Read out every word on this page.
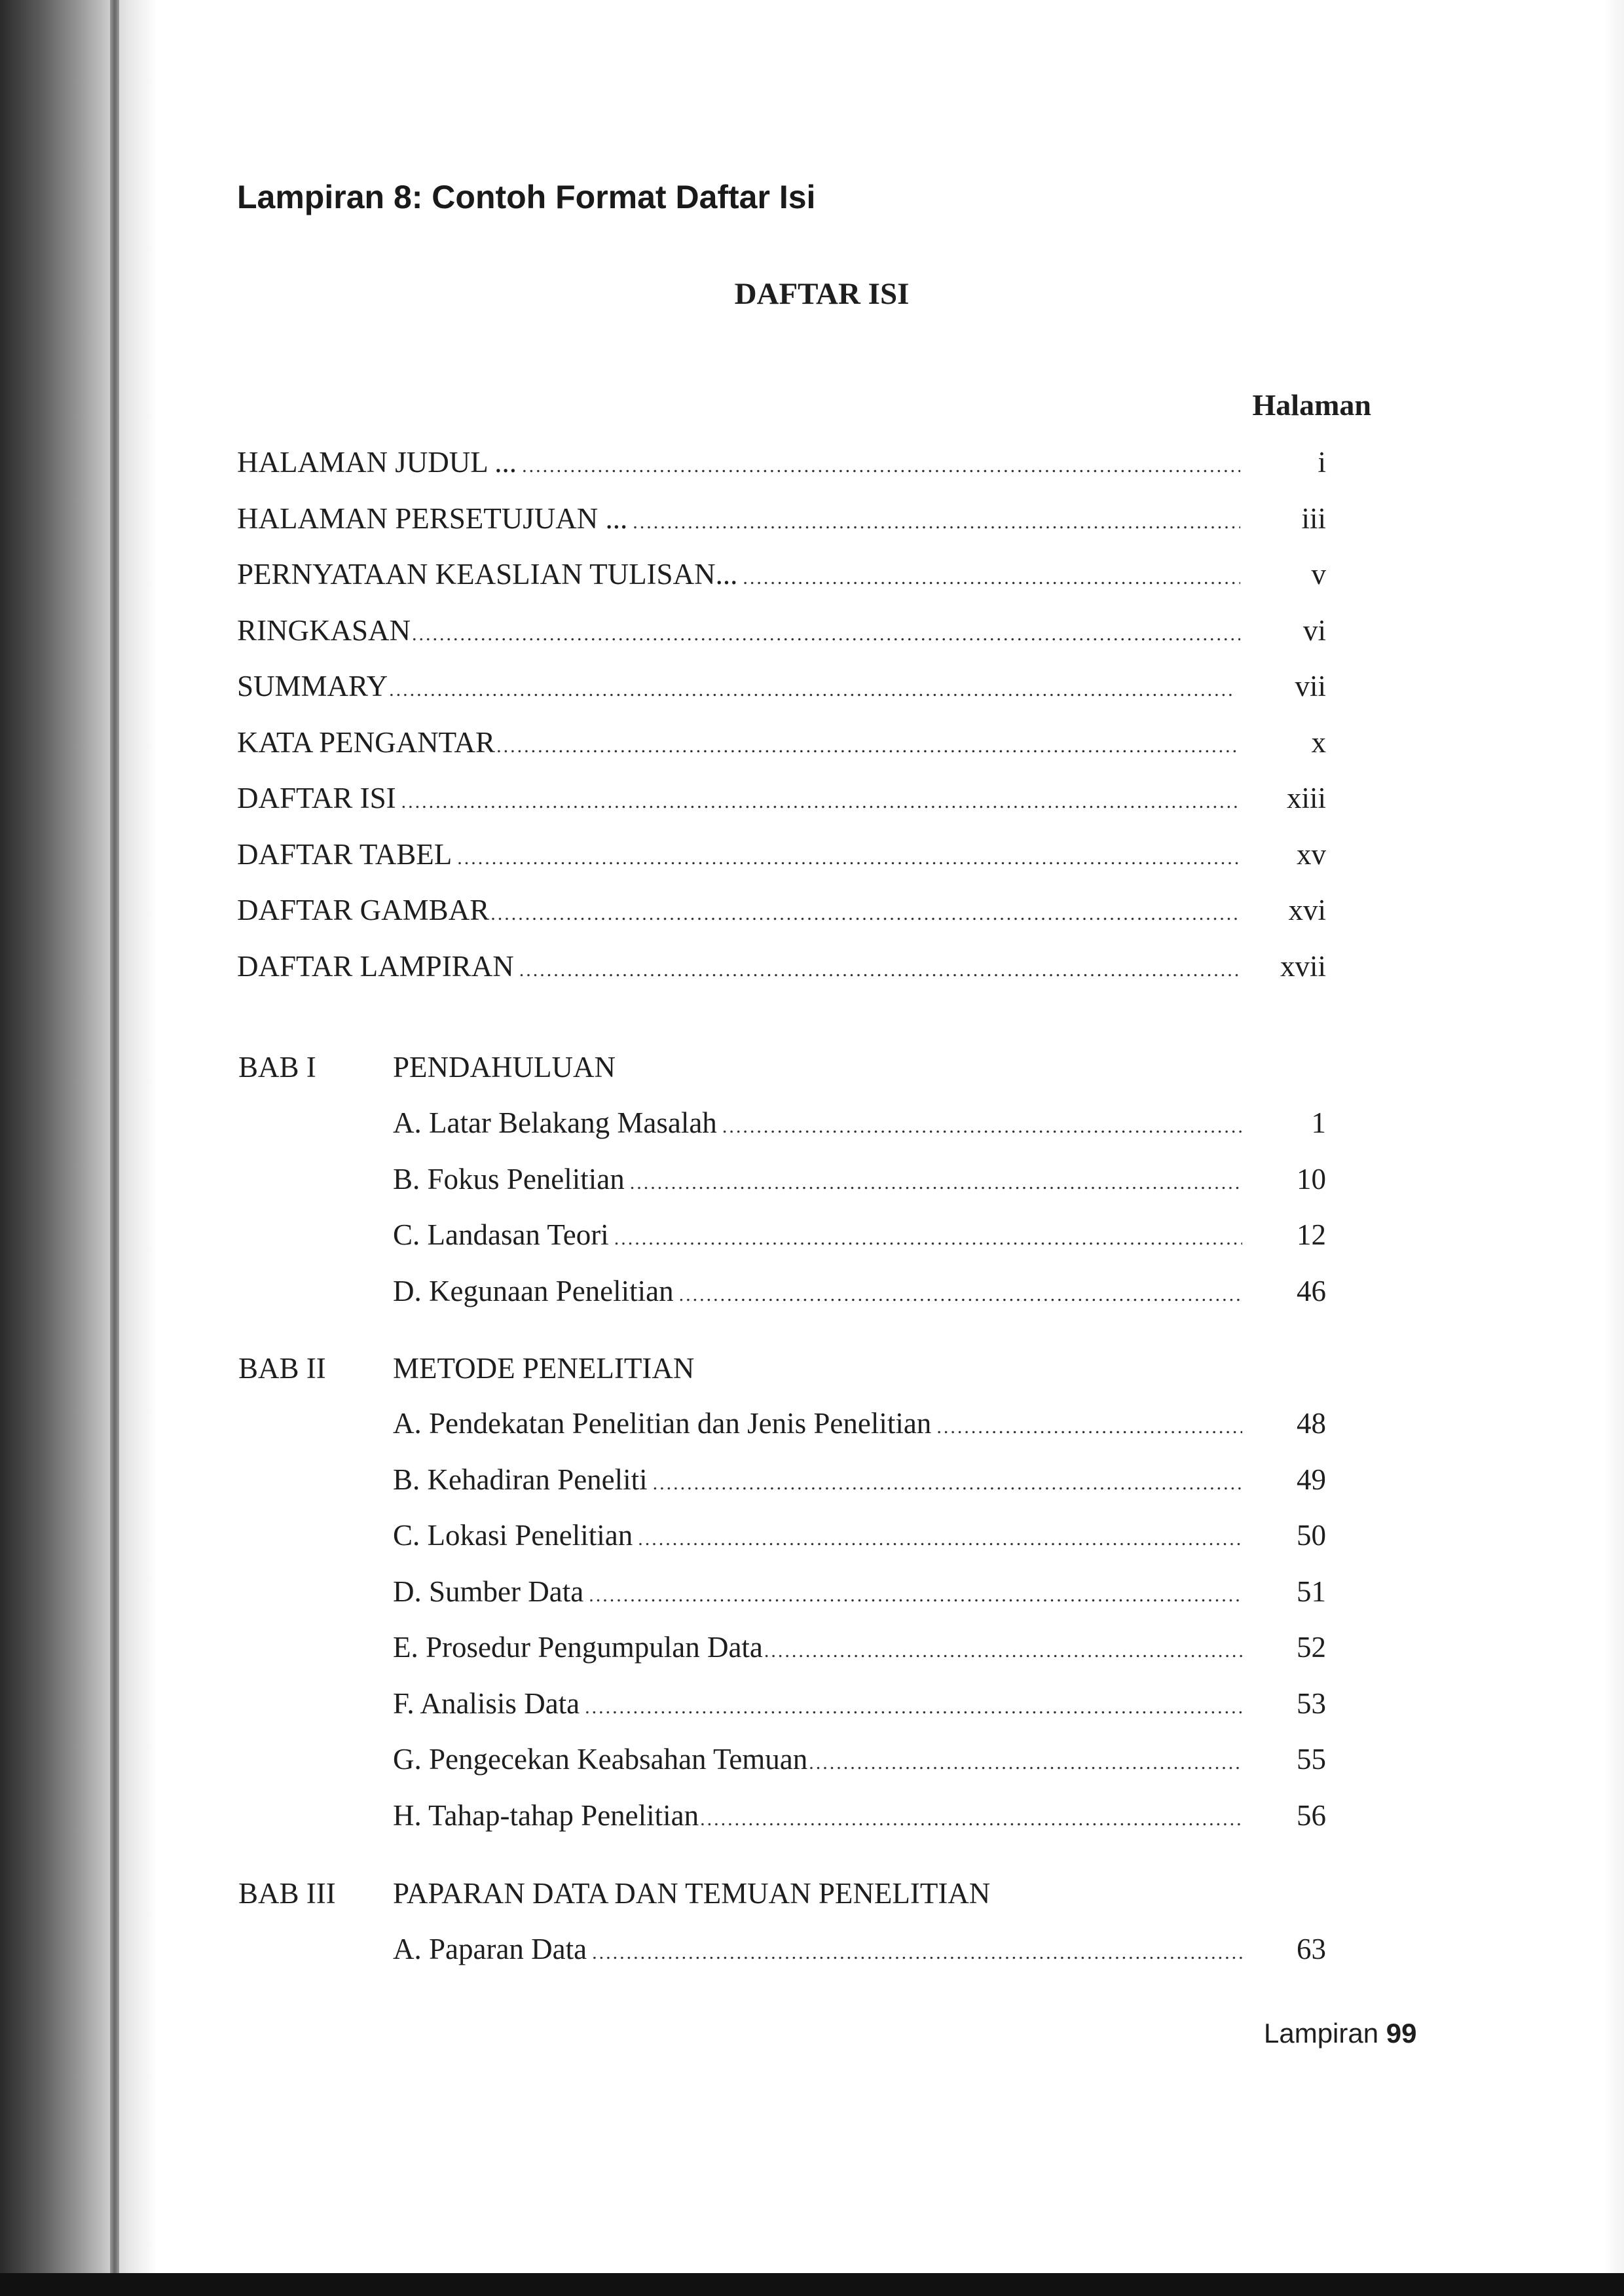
Lampiran 8: Contoh Format Daftar Isi
DAFTAR ISI
Halaman
HALAMAN JUDUL ... .....	i
HALAMAN PERSETUJUAN ... .....	iii
PERNYATAAN KEASLIAN TULISAN... .....	v
RINGKASAN .....	vi
SUMMARY .....	vii
KATA PENGANTAR .....	x
DAFTAR ISI .....	xiii
DAFTAR TABEL .....	xv
DAFTAR GAMBAR .....	xvi
DAFTAR LAMPIRAN .....	xvii
BAB I	PENDAHULUAN
A. Latar Belakang Masalah .....	1
B. Fokus Penelitian .....	10
C. Landasan Teori .....	12
D. Kegunaan Penelitian .....	46
BAB II METODE PENELITIAN
A. Pendekatan Penelitian dan Jenis Penelitian .....	48
B. Kehadiran Peneliti .....	49
C. Lokasi Penelitian .....	50
D. Sumber Data .....	51
E. Prosedur Pengumpulan Data .....	52
F. Analisis Data .....	53
G. Pengecekan Keabsahan Temuan .....	55
H. Tahap-tahap Penelitian .....	56
BAB III PAPARAN DATA DAN TEMUAN PENELITIAN
A. Paparan Data .....	63
Lampiran 99
